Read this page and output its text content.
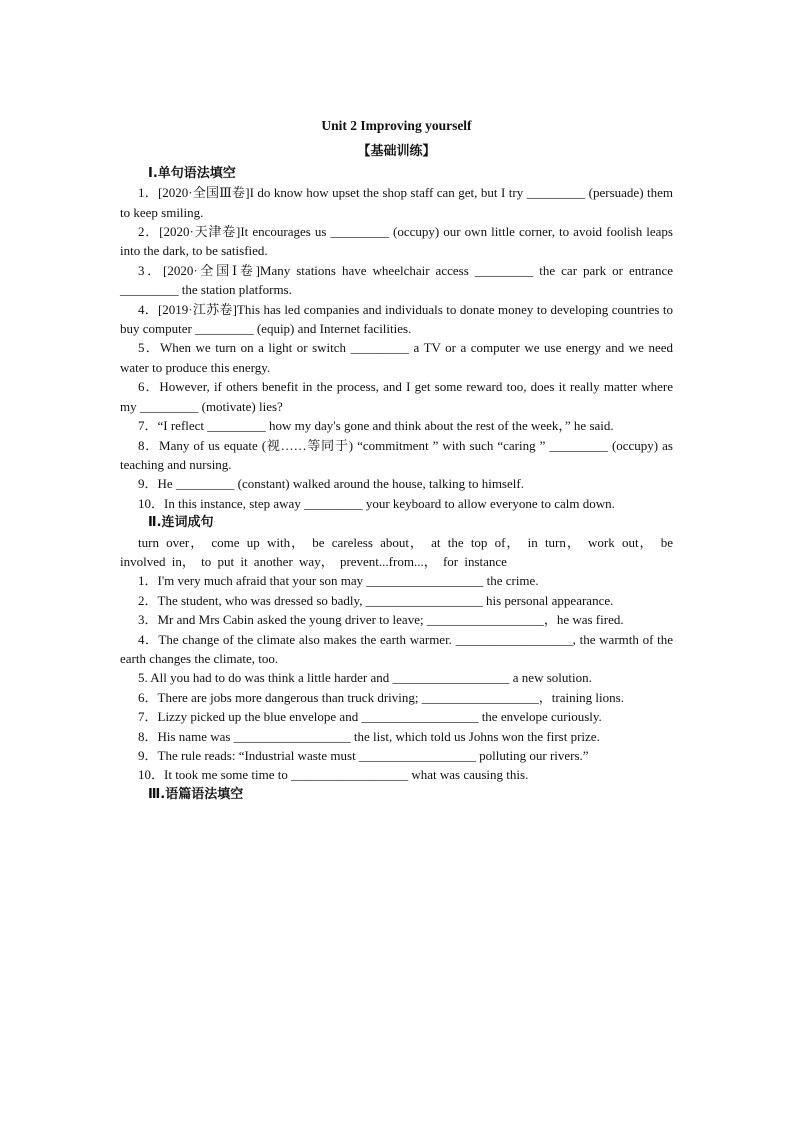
Unit 2 Improving yourself
【基础训练】
Ⅰ.单句语法填空
1．[2020·全国Ⅲ卷]I do know how upset the shop staff can get, but I try _________ (persuade) them to keep smiling.
2．[2020·天津卷]It encourages us _________ (occupy) our own little corner, to avoid foolish leaps into the dark, to be satisfied.
3．[2020·全国Ⅰ卷]Many stations have wheelchair access _________ the car park or entrance _________ the station platforms.
4．[2019·江苏卷]This has led companies and individuals to donate money to developing countries to buy computer _________ (equip) and Internet facilities.
5．When we turn on a light or switch _________ a TV or a computer we use energy and we need water to produce this energy.
6．However, if others benefit in the process, and I get some reward too, does it really matter where my _________ (motivate) lies?
7．“I reflect _________ how my day's gone and think about the rest of the week，” he said.
8．Many of us equate (视……等同于) “commitment ” with such “caring ” _________ (occupy) as teaching and nursing.
9．He _________ (constant) walked around the house, talking to himself.
10．In this instance, step away _________ your keyboard to allow everyone to calm down.
Ⅱ.连词成句
turn over， come up with， be careless about， at the top of， in turn， work out， be involved in， to put it another way， prevent...from...， for instance
1．I'm very much afraid that your son may __________________ the crime.
2．The student, who was dressed so badly, __________________ his personal appearance.
3．Mr and Mrs Cabin asked the young driver to leave; __________________，he was fired.
4．The change of the climate also makes the earth warmer. __________________, the warmth of the earth changes the climate, too.
5. All you had to do was think a little harder and __________________ a new solution.
6．There are jobs more dangerous than truck driving; __________________，training lions.
7．Lizzy picked up the blue envelope and __________________ the envelope curiously.
8．His name was __________________ the list, which told us Johns won the first prize.
9．The rule reads: “Industrial waste must __________________ polluting our rivers.”
10．It took me some time to __________________ what was causing this.
Ⅲ.语篇语法填空
